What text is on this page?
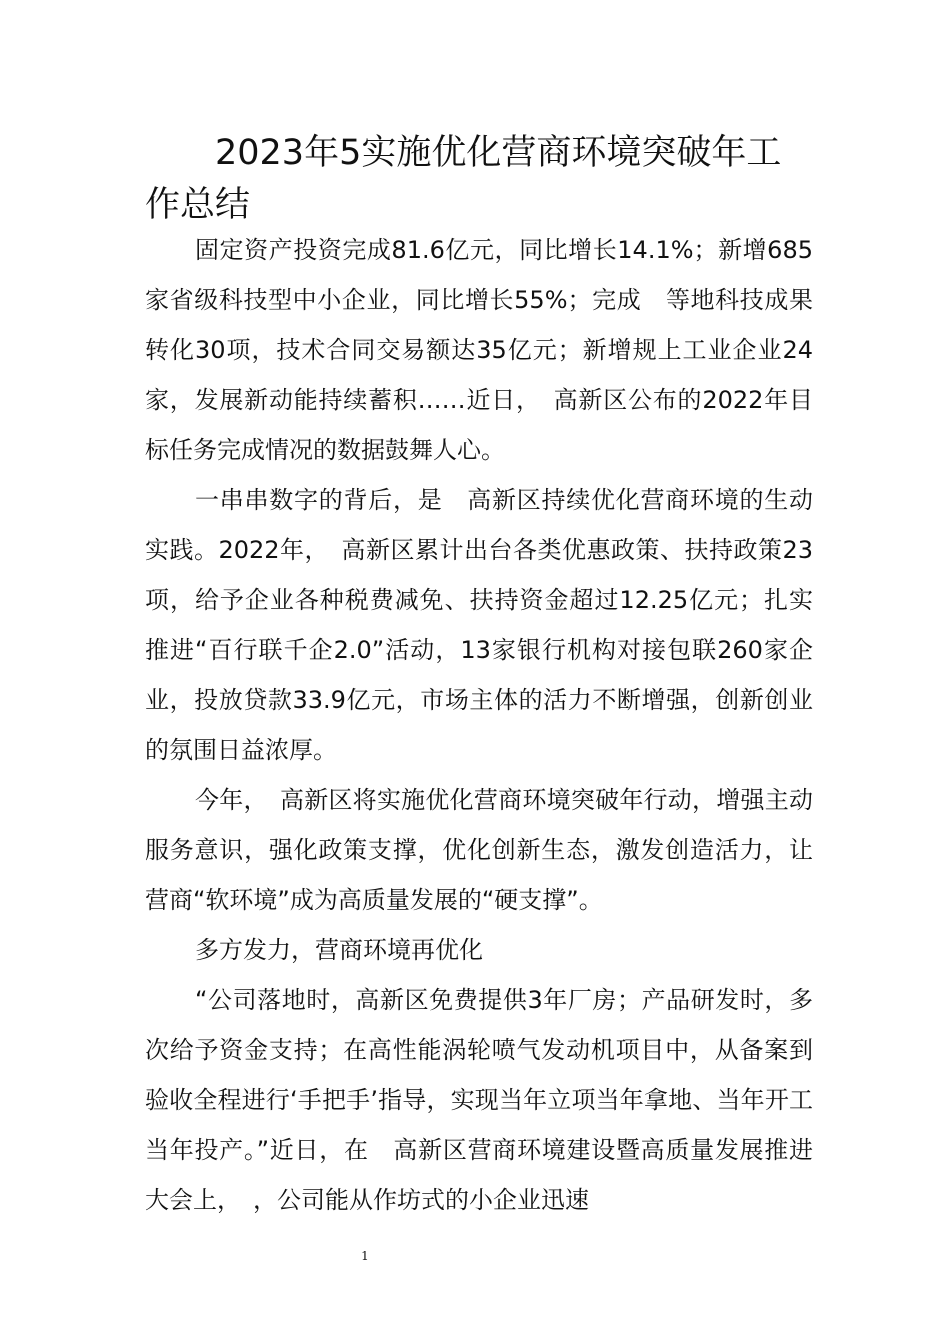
2023年5实施优化营商环境突破年工作总结

固定资产投资完成81.6亿元，同比增长14.1%；新增685家省级科技型中小企业，同比增长55%；完成　等地科技成果转化30项，技术合同交易额达35亿元；新增规上工业企业24家，发展新动能持续蓄积……近日，　高新区公布的2022年目标任务完成情况的数据鼓舞人心。

一串串数字的背后，是　高新区持续优化营商环境的生动实践。2022年，　高新区累计出台各类优惠政策、扶持政策23项，给予企业各种税费减免、扶持资金超过12.25亿元；扎实推进“百行联千企2.0”活动，13家银行机构对接包联260家企业，投放贷款33.9亿元，市场主体的活力不断增强，创新创业的氛围日益浓厚。

今年，　高新区将实施优化营商环境突破年行动，增强主动服务意识，强化政策支撑，优化创新生态，激发创造活力，让营商“软环境”成为高质量发展的“硬支撑”。

多方发力，营商环境再优化

“公司落地时，高新区免费提供3年厂房；产品研发时，多次给予资金支持；在高性能涡轮喷气发动机项目中，从备案到验收全程进行‘手把手’指导，实现当年立项当年拿地、当年开工当年投产。”近日，在　高新区营商环境建设暨高质量发展推进大会上，　，公司能从作坊式的小企业迅速

1
